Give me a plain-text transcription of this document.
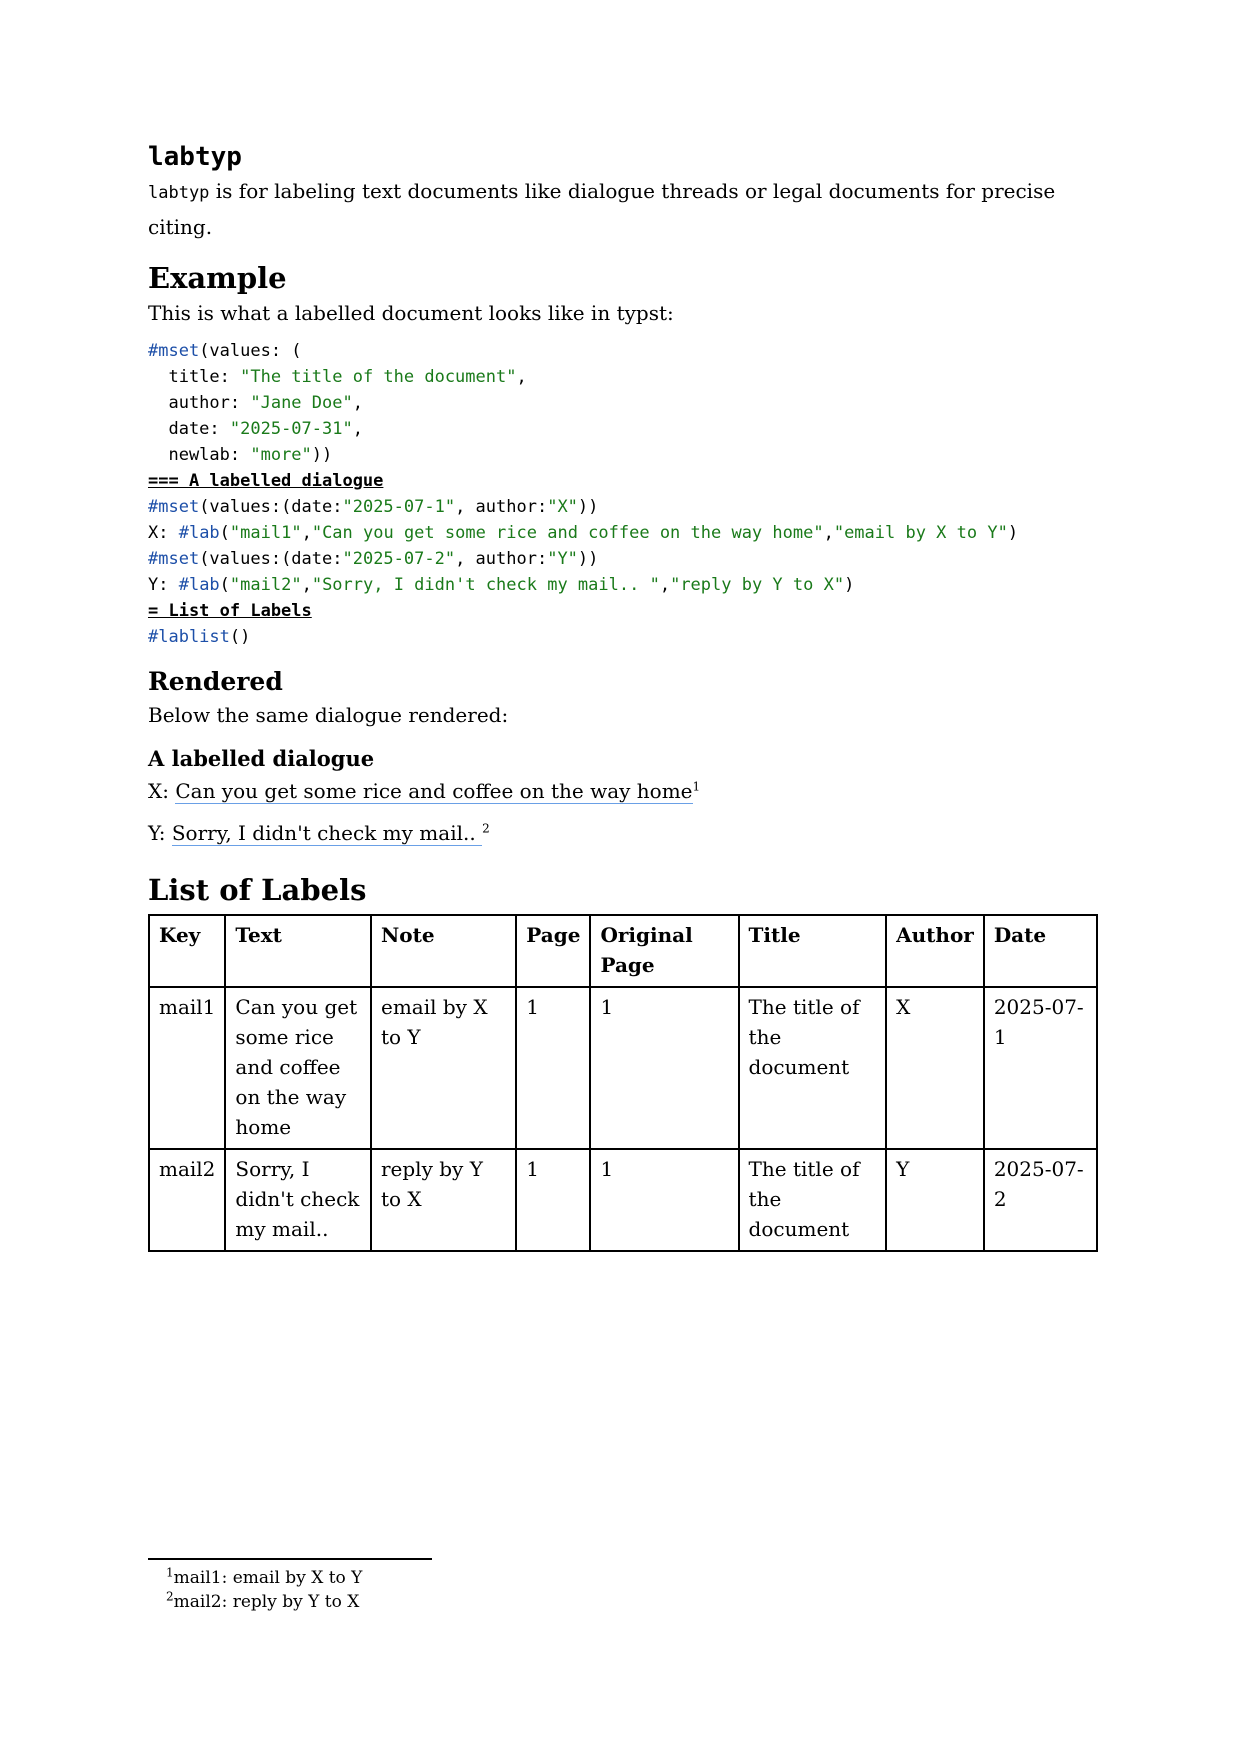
labtyp

labtyp is for labeling text documents like dialogue threads or legal documents for precise citing.

Example

This is what a labelled document looks like in typst:

#mset(values: (
title: "The title of the document",
author: "Jane Doe",
date: "2025-07-31",
newlab: "more"))
=== A labelled dialogue
#mset(values:(date:"2025-07-1", author:"X"))
X: #lab("mail1","Can you get some rice and coffee on the way home","email by X to Y")
#mset(values:(date:"2025-07-2", author:"Y"))
Y: #lab("mail2","Sorry, I didn't check my mail.. ","reply by Y to X")
= List of Labels
#lablist()
Rendered

Below the same dialogue rendered:

A labelled dialogue

X: Can you get some rice and coffee on the way home$^1$

Y: Sorry, I didn't check my mail.. $^2$

List of Labels
Key	Text	Note	Page	Original Page	Title	Author	Date
mail1	Can you get some rice and coffee on the way home	email by X to Y	1	1	The title of the document	X	2025-07-1
mail2	Sorry, I didn't check my mail..	reply by Y to X	1	1	The title of the document	Y	2025-07-2

$^1$mail1: email by X to Y

$^2$mail2: reply by Y to X
